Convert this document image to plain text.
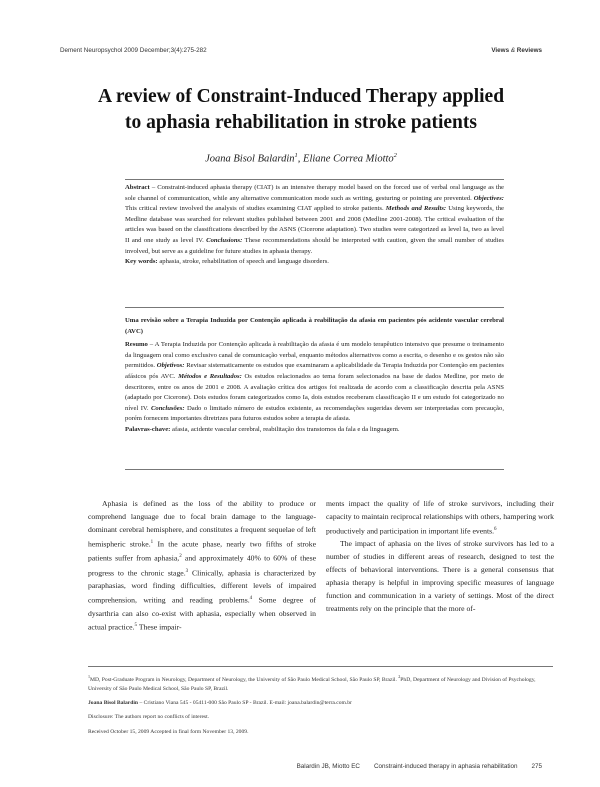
Dement Neuropsychol 2009 December;3(4):275-282	Views & Reviews
A review of Constraint-Induced Therapy applied
to aphasia rehabilitation in stroke patients
Joana Bisol Balardin$^1$, Eliane Correa Miotto$^2$

Abstract – Constraint-induced aphasia therapy (CIAT) is an intensive therapy model based on the forced use of verbal oral language as the sole channel of communication, while any alternative communication mode such as writing, gesturing or pointing are prevented. Objectives: This critical review involved the analysis of studies examining CIAT applied to stroke patients. Methods and Results: Using keywords, the Medline database was searched for relevant studies published between 2001 and 2008 (Medline 2001-2008). The critical evaluation of the articles was based on the classifications described by the ASNS (Cicerone adaptation). Two studies were categorized as level Ia, two as level II and one study as level IV. Conclusions: These recommendations should be interpreted with caution, given the small number of studies involved, but serve as a guideline for future studies in aphasia therapy.

Key words: aphasia, stroke, rehabilitation of speech and language disorders.

Uma revisão sobre a Terapia Induzida por Contenção aplicada à reabilitação da afasia em pacientes pós acidente vascular cerebral (AVC)

Resumo – A Terapia Induzida por Contenção aplicada à reabilitação da afasia é um modelo terapêutico intensivo que presume o treinamento da linguagem oral como exclusivo canal de comunicação verbal, enquanto métodos alternativos como a escrita, o desenho e os gestos não são permitidos. Objetivos: Revisar sistematicamente os estudos que examinaram a aplicabilidade da Terapia Induzida por Contenção em pacientes afásicos pós AVC. Métodos e Resultados: Os estudos relacionados ao tema foram selecionados na base de dados Medline, por meio de descritores, entre os anos de 2001 e 2008. A avaliação crítica dos artigos foi realizada de acordo com a classificação descrita pela ASNS (adaptado por Cicerone). Dois estudos foram categorizados como Ia, dois estudos receberam classificação II e um estudo foi categorizado no nível IV. Conclusões: Dado o limitado número de estudos existente, as recomendações sugeridas devem ser interpretadas com precaução, porém fornecem importantes diretrizes para futuros estudos sobre a terapia de afasia.

Palavras-chave: afasia, acidente vascular cerebral, reabilitação dos transtornos da fala e da linguagem.

Aphasia is defined as the loss of the ability to produce or comprehend language due to focal brain damage to the language-dominant cerebral hemisphere, and constitutes a frequent sequelae of left hemispheric stroke.$^1$ In the acute phase, nearly two fifths of stroke patients suffer from aphasia,$^2$ and approximately 40% to 60% of these progress to the chronic stage.$^3$ Clinically, aphasia is characterized by paraphasias, word finding difficulties, different levels of impaired comprehension, writing and reading problems.$^4$ Some degree of dysarthria can also co-exist with aphasia, especially when observed in actual practice.$^5$ These impair-

ments impact the quality of life of stroke survivors, including their capacity to maintain reciprocal relationships with others, hampering work productively and participation in important life events.$^6$

The impact of aphasia on the lives of stroke survivors has led to a number of studies in different areas of research, designed to test the effects of behavioral interventions. There is a general consensus that aphasia therapy is helpful in improving specific measures of language function and communication in a variety of settings. Most of the direct treatments rely on the principle that the more of-

$^1$MD, Post-Graduate Program in Neurology, Department of Neurology, the University of São Paulo Medical School, São Paulo SP, Brazil. $^2$PhD, Department of Neurology and Division of Psychology, University of São Paulo Medical School, São Paulo SP, Brazil.

Joana Bisol Balardin – Cristiano Viana 545 - 05411-000 São Paulo SP - Brazil. E-mail: joana.balardin@terra.com.br

Disclosure: The authors report no conflicts of interest.

Received October 15, 2009 Accepted in final form November 13, 2009.

Balardin JB, Miotto EC Constraint-induced therapy in aphasia rehabilitation 275
